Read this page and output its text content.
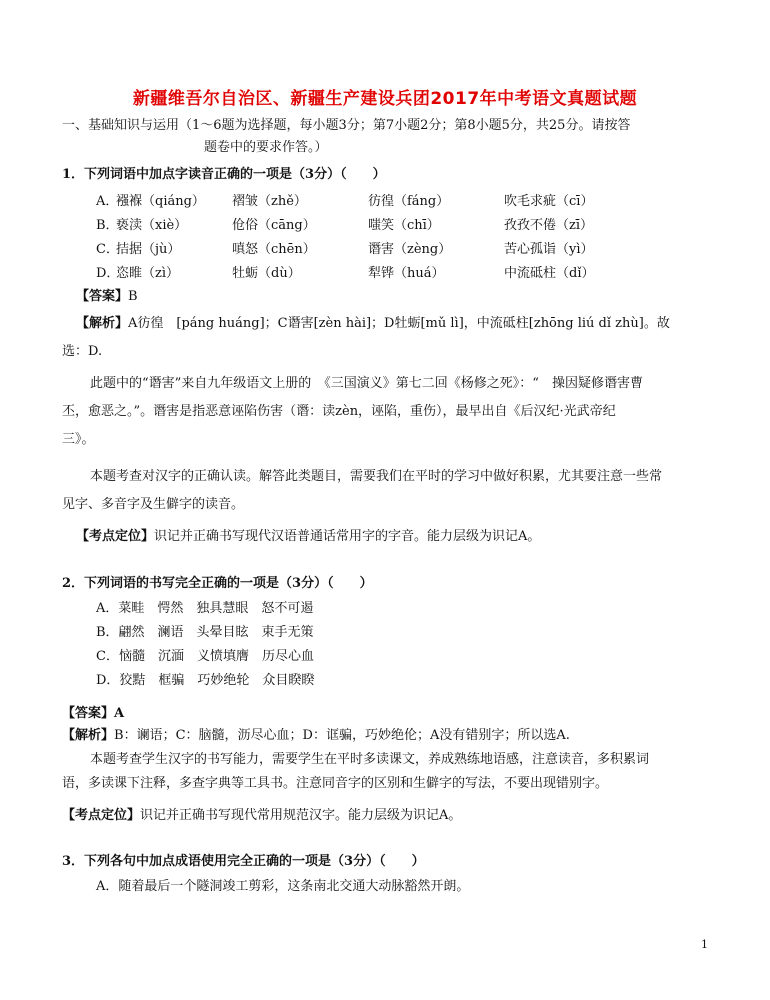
新疆维吾尔自治区、新疆生产建设兵团2017年中考语文真题试题
一、基础知识与运用（1～6题为选择题，每小题3分；第7小题2分；第8小题5分，共25分。请按答
题卷中的要求作答。）
1．下列词语中加点字读音正确的一项是（3分）（　　）
A．
襁褓（qiáng） 褶皱（zhě）	彷徨（fáng）	吹毛求疵（cī）
B．
亵渎（xiè）	伧俗（cāng）	嗤笑（chī）	孜孜不倦（zī）
C．
拮据（jù）	嗔怒（chēn）	谮害（zèng）	苦心孤诣（yì）
D．
恣睢（zì）	牡蛎（dù）	犁铧（huá）	中流砥柱（dǐ）
【答案】B
【解析】A彷徨　[páng huáng]；C谮害[zèn hài]；D牡蛎[mǔ lì]，中流砥柱[zhōng liú dǐ zhù]。故
选：D.
此题中的“谮害”来自九年级语文上册的　《三国演义》第七二回《杨修之死》：“　操因疑修谮害曹
丕，愈恶之。”。谮害是指恶意诬陷伤害（谮：读zèn，诬陷，重伤），最早出自《后汉纪·光武帝纪
三》。
本题考查对汉字的正确认读。解答此类题目，需要我们在平时的学习中做好积累，尤其要注意一些常
见字、多音字及生僻字的读音。
【考点定位】识记并正确书写现代汉语普通话常用字的字音。能力层级为识记A。
2．下列词语的书写完全正确的一项是（3分）（　　）
A．菜畦　愕然　独具慧眼　怒不可遏
B．翩然　澜语　头晕目眩　束手无策
C．恼髓　沉湎　义愤填膺　历尽心血
D．狡黠　框骗　巧妙绝轮　众目睽睽
【答案】A
【解析】B：谰语；C：脑髓，沥尽心血；D：诓骗，巧妙绝伦；A没有错别字；所以选A.
本题考查学生汉字的书写能力，需要学生在平时多读课文，养成熟练地语感，注意读音，多积累词
语，多读课下注释，多查字典等工具书。注意同音字的区别和生僻字的写法，不要出现错别字。
【考点定位】识记并正确书写现代常用规范汉字。能力层级为识记A。
3．下列各句中加点成语使用完全正确的一项是（3分）（　　）
A．随着最后一个隧洞竣工剪彩，这条南北交通大动脉豁然开朗。
1
